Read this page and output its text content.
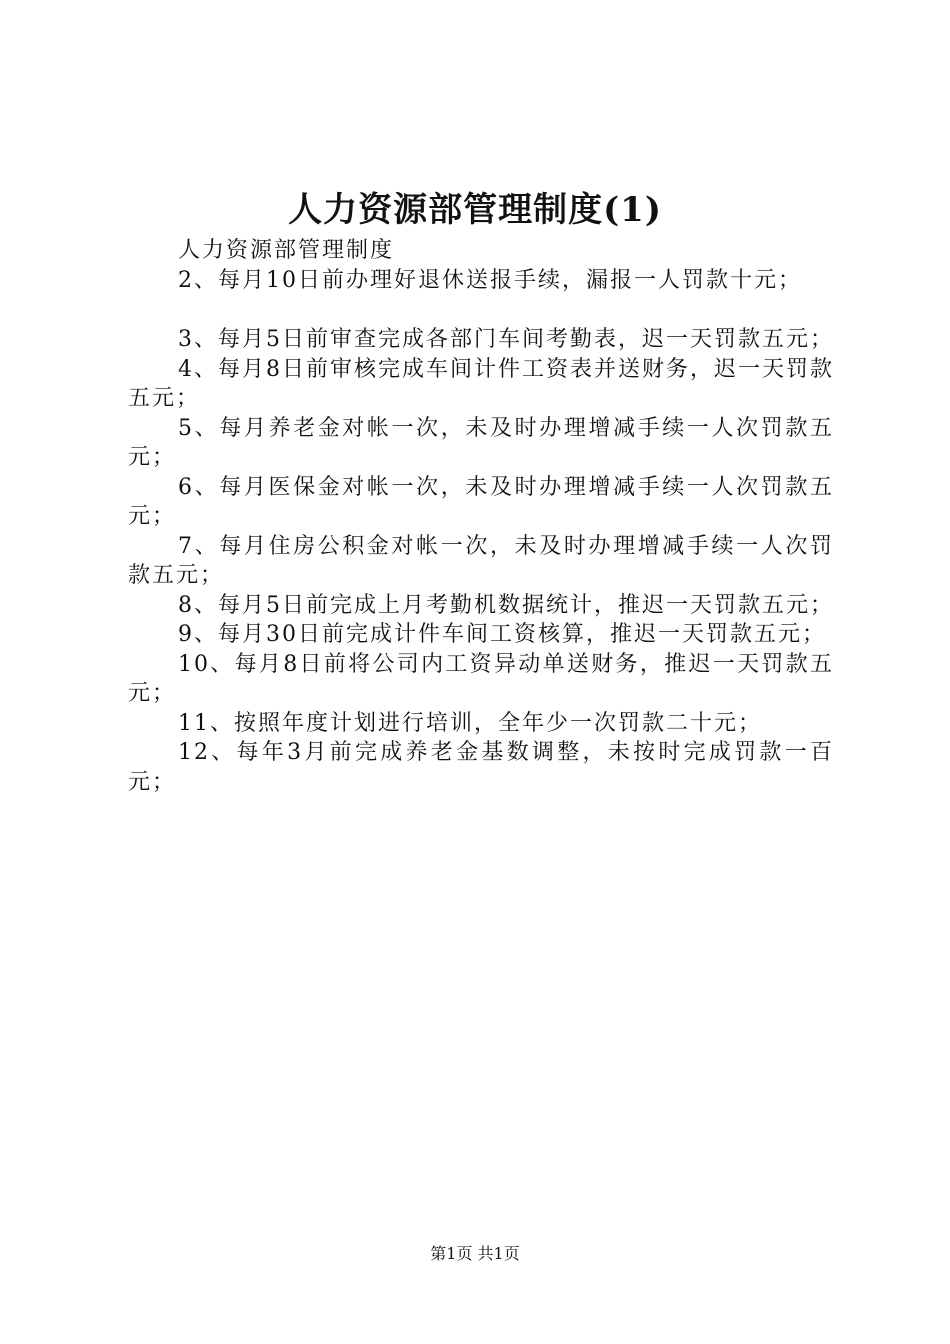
人力资源部管理制度(1)

人力资源部管理制度

2、每月10日前办理好退休送报手续，漏报一人罚款十元；

3、每月5日前审查完成各部门车间考勤表，迟一天罚款五元；

4、每月8日前审核完成车间计件工资表并送财务，迟一天罚款五元；

5、每月养老金对帐一次，未及时办理增减手续一人次罚款五元；

6、每月医保金对帐一次，未及时办理增减手续一人次罚款五元；

7、每月住房公积金对帐一次，未及时办理增减手续一人次罚款五元；

8、每月5日前完成上月考勤机数据统计，推迟一天罚款五元；

9、每月30日前完成计件车间工资核算，推迟一天罚款五元；

10、每月8日前将公司内工资异动单送财务，推迟一天罚款五元；

11、按照年度计划进行培训，全年少一次罚款二十元；

12、每年3月前完成养老金基数调整，未按时完成罚款一百元；

第1页 共1页
